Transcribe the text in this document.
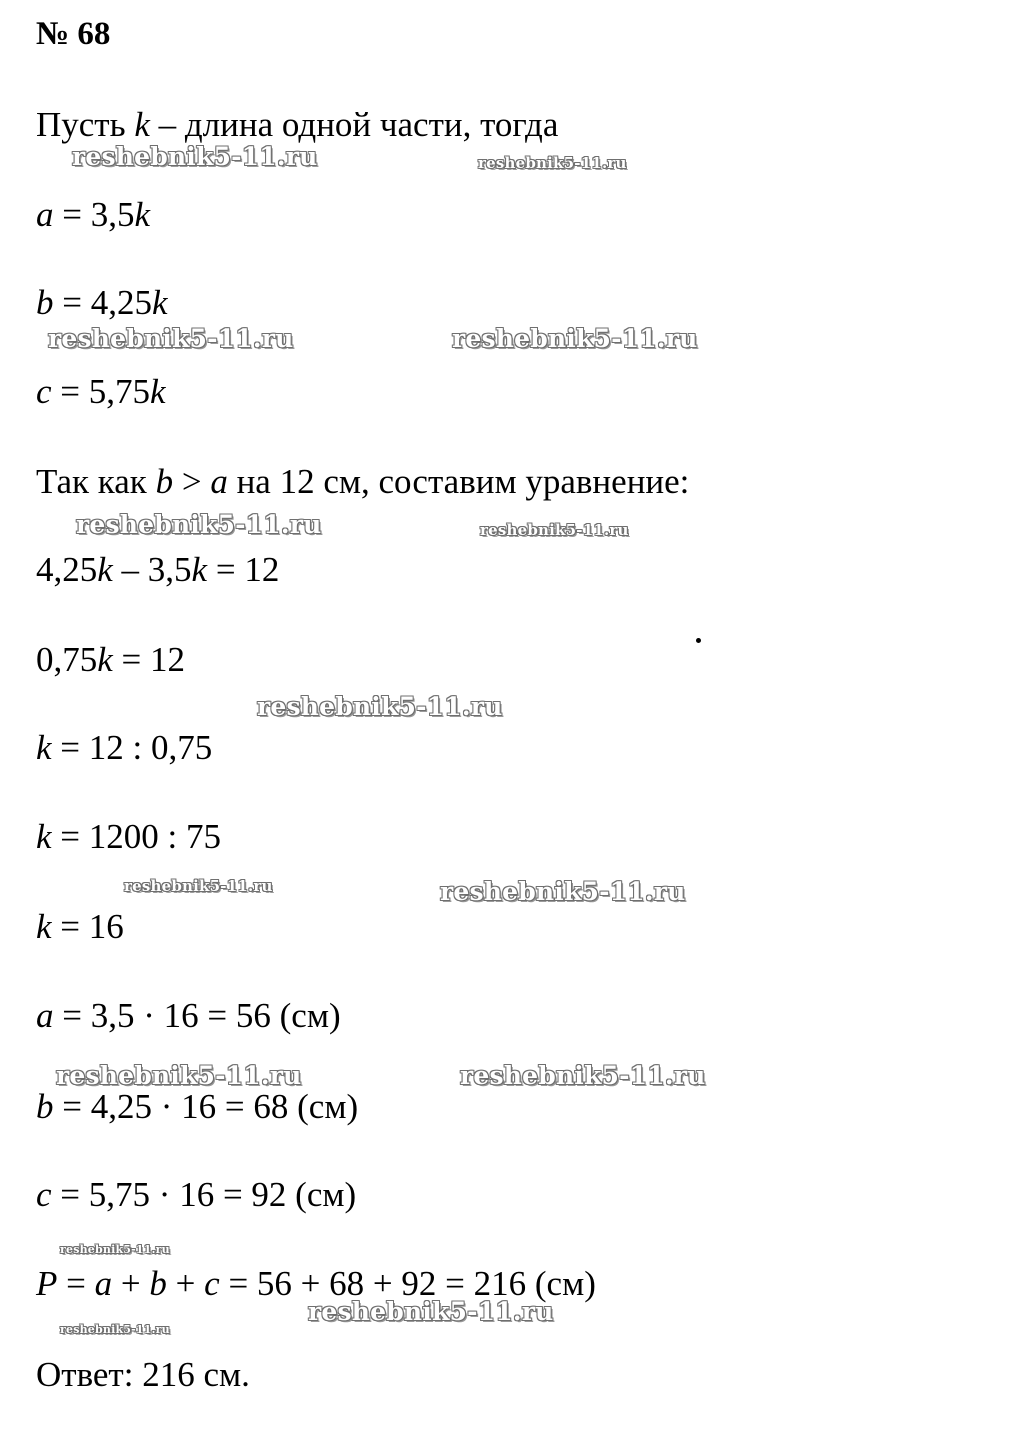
№ 68
Пусть k – длина одной части, тогда
a = 3,5k
b = 4,25k
c = 5,75k
Так как b > a на 12 см, составим уравнение:
4,25k – 3,5k = 12
0,75k = 12
k = 12 : 0,75
k = 1200 : 75
k = 16
a = 3,5 · 16 = 56 (см)
b = 4,25 · 16 = 68 (см)
c = 5,75 · 16 = 92 (см)
P = a + b + c = 56 + 68 + 92 = 216 (см)
Ответ: 216 см.
reshebnik5-11.ru	reshebnik5-11.ru
reshebnik5-11.ru	reshebnik5-11.ru
reshebnik5-11.ru	reshebnik5-11.ru
reshebnik5-11.ru
reshebnik5-11.ru	reshebnik5-11.ru
reshebnik5-11.ru	reshebnik5-11.ru
reshebnik5-11.ru
reshebnik5-11.ru
reshebnik5-11.ru
